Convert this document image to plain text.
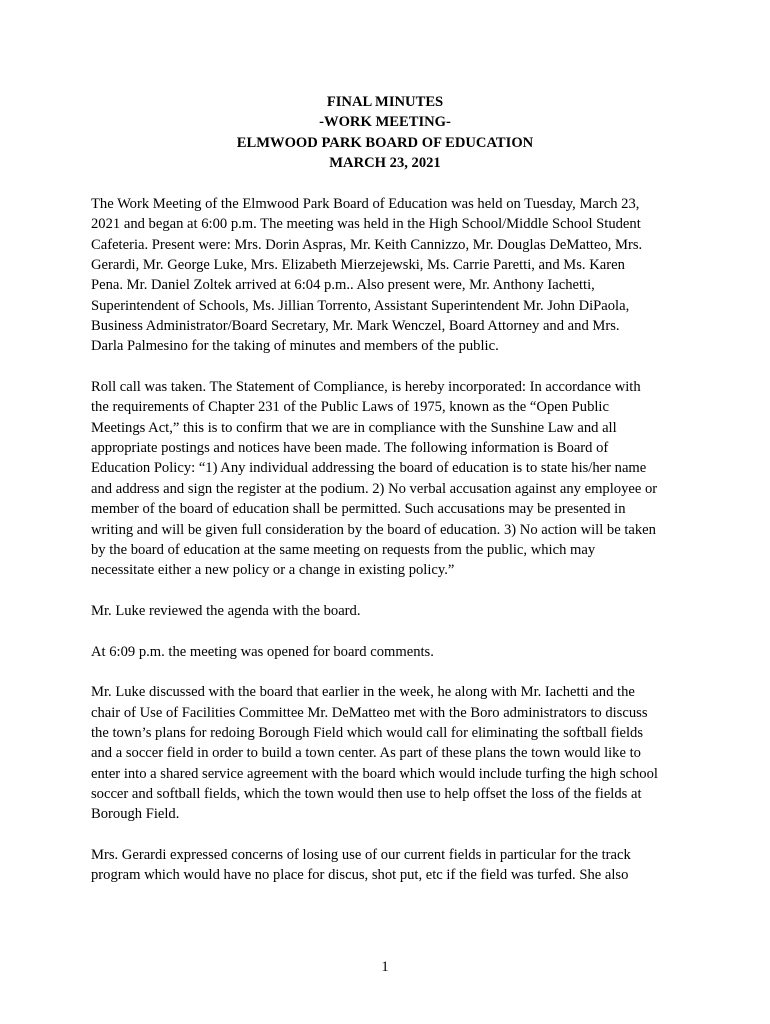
FINAL MINUTES
-WORK MEETING-
ELMWOOD PARK BOARD OF EDUCATION
MARCH 23, 2021

The Work Meeting of the Elmwood Park Board of Education was held on Tuesday, March 23,
2021 and began at 6:00 p.m. The meeting was held in the High School/Middle School Student
Cafeteria. Present were: Mrs. Dorin Aspras, Mr. Keith Cannizzo, Mr. Douglas DeMatteo, Mrs.
Gerardi, Mr. George Luke, Mrs. Elizabeth Mierzejewski, Ms. Carrie Paretti, and Ms. Karen
Pena. Mr. Daniel Zoltek arrived at 6:04 p.m.. Also present were, Mr. Anthony Iachetti,
Superintendent of Schools, Ms. Jillian Torrento, Assistant Superintendent Mr. John DiPaola,
Business Administrator/Board Secretary, Mr. Mark Wenczel, Board Attorney and and Mrs.
Darla Palmesino for the taking of minutes and members of the public.

Roll call was taken. The Statement of Compliance, is hereby incorporated: In accordance with
the requirements of Chapter 231 of the Public Laws of 1975, known as the “Open Public
Meetings Act,” this is to confirm that we are in compliance with the Sunshine Law and all
appropriate postings and notices have been made. The following information is Board of
Education Policy: “1) Any individual addressing the board of education is to state his/her name
and address and sign the register at the podium. 2) No verbal accusation against any employee or
member of the board of education shall be permitted. Such accusations may be presented in
writing and will be given full consideration by the board of education. 3) No action will be taken
by the board of education at the same meeting on requests from the public, which may
necessitate either a new policy or a change in existing policy.”

Mr. Luke reviewed the agenda with the board.

At 6:09 p.m. the meeting was opened for board comments.

Mr. Luke discussed with the board that earlier in the week, he along with Mr. Iachetti and the
chair of Use of Facilities Committee Mr. DeMatteo met with the Boro administrators to discuss
the town’s plans for redoing Borough Field which would call for eliminating the softball fields
and a soccer field in order to build a town center. As part of these plans the town would like to
enter into a shared service agreement with the board which would include turfing the high school
soccer and softball fields, which the town would then use to help offset the loss of the fields at
Borough Field.

Mrs. Gerardi expressed concerns of losing use of our current fields in particular for the track
program which would have no place for discus, shot put, etc if the field was turfed. She also

1
